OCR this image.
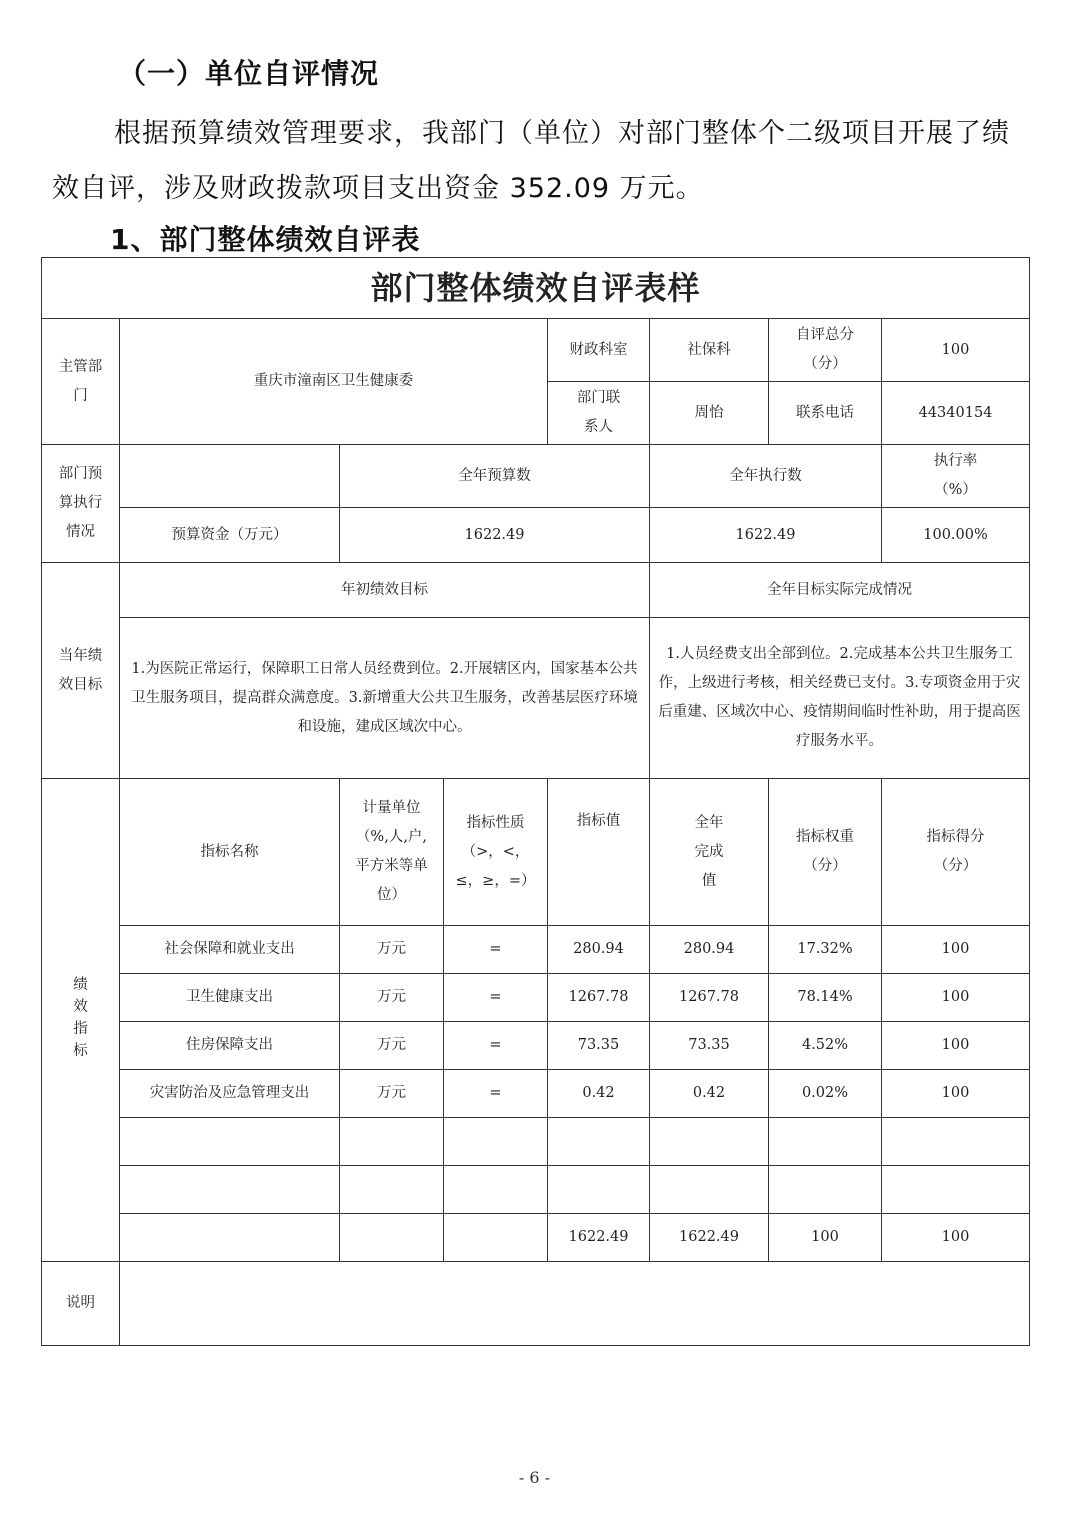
（一）单位自评情况
根据预算绩效管理要求，我部门（单位）对部门整体个二级项目开展了绩效自评，涉及财政拨款项目支出资金 352.09 万元。
1、部门整体绩效自评表
部门整体绩效自评表样							
主管部门	重庆市潼南区卫生健康委			财政科室	社保科	自评总分（分）	100
				部门联系人	周怡	联系电话	44340154
部门预算执行情况		全年预算数			全年执行数		执行率（%）
	预算资金（万元）	1622.49			1622.49		100.00%
当年绩效目标	年初绩效目标				全年目标实际完成情况		
	1.为医院正常运行，保障职工日常人员经费到位。2.开展辖区内，国家基本公共卫生服务项目，提高群众满意度。3.新增重大公共卫生服务，改善基层医疗环境和设施，建成区域次中心。				1.人员经费支出全部到位。2.完成基本公共卫生服务工作，上级进行考核，相关经费已支付。3.专项资金用于灾后重建、区域次中心、疫情期间临时性补助，用于提高医疗服务水平。		
绩效指标	指标名称	计量单位（%,人,户,平方米等单位）	指标性质（>，<，≤，≥，=）	指标值	全年完成值	指标权重（分）	指标得分（分）
	社会保障和就业支出	万元	=	280.94	280.94	17.32%	100
	卫生健康支出	万元	=	1267.78	1267.78	78.14%	100
	住房保障支出	万元	=	73.35	73.35	4.52%	100
	灾害防治及应急管理支出	万元	=	0.42	0.42	0.02%	100

				1622.49	1622.49	100	100
说明							
- 6 -
